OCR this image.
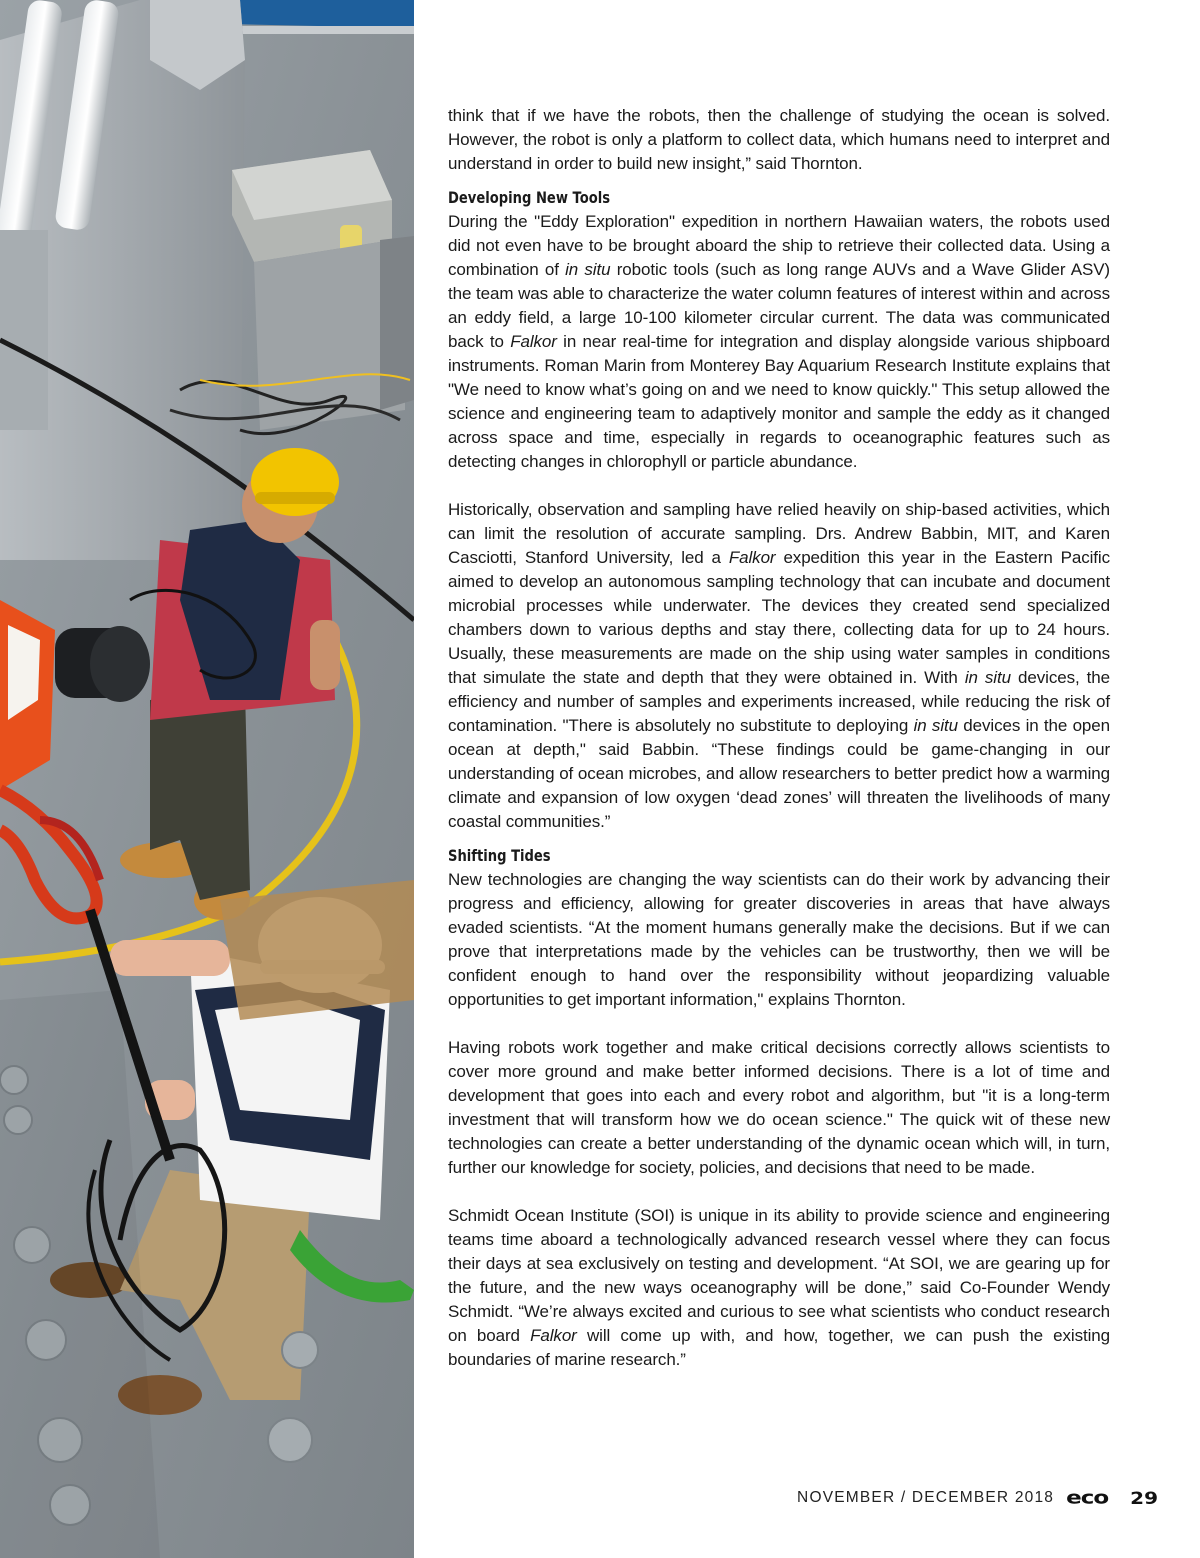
think that if we have the robots, then the challenge of studying the ocean is solved. However, the robot is only a platform to collect data, which humans need to interpret and understand in order to build new insight,” said Thornton.

Developing New Tools

During the "Eddy Exploration" expedition in northern Hawaiian waters, the robots used did not even have to be brought aboard the ship to retrieve their collected data. Using a combination of in situ robotic tools (such as long range AUVs and a Wave Glider ASV) the team was able to characterize the water column features of interest within and across an eddy field, a large 10-100 kilometer circular current. The data was communicated back to Falkor in near real-time for integration and display alongside various shipboard instruments. Roman Marin from Monterey Bay Aquarium Research Institute explains that "We need to know what’s going on and we need to know quickly." This setup allowed the science and engineering team to adaptively monitor and sample the eddy as it changed across space and time, especially in regards to oceanographic features such as detecting changes in chlorophyll or particle abundance.

Historically, observation and sampling have relied heavily on ship-based activities, which can limit the resolution of accurate sampling. Drs. Andrew Babbin, MIT, and Karen Casciotti, Stanford University, led a Falkor expedition this year in the Eastern Pacific aimed to develop an autonomous sampling technology that can incubate and document microbial processes while underwater. The devices they created send specialized chambers down to various depths and stay there, collecting data for up to 24 hours. Usually, these measurements are made on the ship using water samples in conditions that simulate the state and depth that they were obtained in. With in situ devices, the efficiency and number of samples and experiments increased, while reducing the risk of contamination. "There is absolutely no substitute to deploying in situ devices in the open ocean at depth," said Babbin. “These findings could be game-changing in our understanding of ocean microbes, and allow researchers to better predict how a warming climate and expansion of low oxygen ‘dead zones’ will threaten the livelihoods of many coastal communities.”

Shifting Tides

New technologies are changing the way scientists can do their work by advancing their progress and efficiency, allowing for greater discoveries in areas that have always evaded scientists. “At the moment humans generally make the decisions. But if we can prove that interpretations made by the vehicles can be trustworthy, then we will be confident enough to hand over the responsibility without jeopardizing valuable opportunities to get important information," explains Thornton.

Having robots work together and make critical decisions correctly allows scientists to cover more ground and make better informed decisions. There is a lot of time and development that goes into each and every robot and algorithm, but "it is a long-term investment that will transform how we do ocean science." The quick wit of these new technologies can create a better understanding of the dynamic ocean which will, in turn, further our knowledge for society, policies, and decisions that need to be made.

Schmidt Ocean Institute (SOI) is unique in its ability to provide science and engineering teams time aboard a technologically advanced research vessel where they can focus their days at sea exclusively on testing and development. “At SOI, we are gearing up for the future, and the new ways oceanography will be done,” said Co-Founder Wendy Schmidt. “We’re always excited and curious to see what scientists who conduct research on board Falkor will come up with, and how, together, we can push the existing boundaries of marine research.”

NOVEMBER / DECEMBER 2018 eco 29
